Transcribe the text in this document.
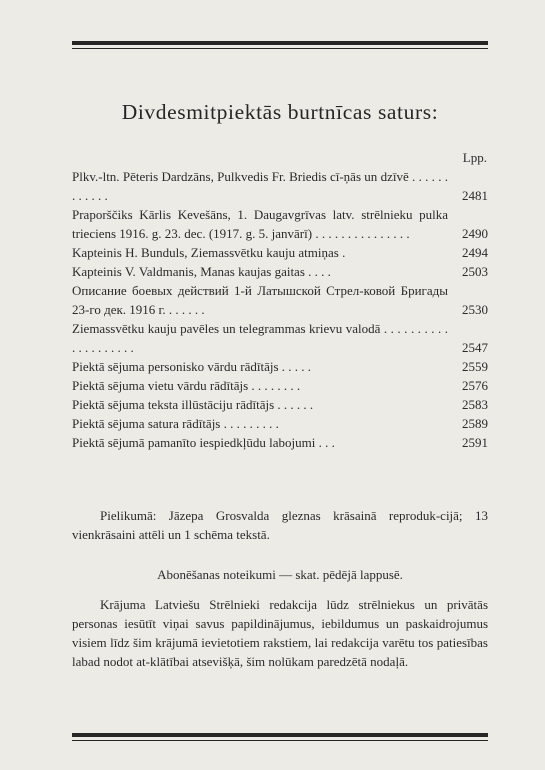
Divdesmitpiektās burtnīcas saturs:
Lpp.
Plkv.-ltn. Pēteris Dardzāns, Pulkvedis Fr. Briedis cī-ņās un dzīvē . . . . . . . . . . . .	2481
Praporščiks Kārlis Kevešāns, 1. Daugavgrīvas latv. strēlnieku pulka trieciens 1916. g. 23. dec. (1917. g. 5. janvārī) . . . . . . . . . . . . . . .	2490
Kapteinis H. Bunduls, Ziemassvētku kauju atmiņas .	2494
Kapteinis V. Valdmanis, Manas kaujas gaitas . . . .	2503
Описание боевых действий 1-й Латышской Стрел-ковой Бригады 23-го дек. 1916 г. . . . . . .	2530
Ziemassvētku kauju pavēles un telegrammas krievu valodā . . . . . . . . . . . . . . . . . . . .	2547
Piektā sējuma personisko vārdu rādītājs . . . . .	2559
Piektā sējuma vietu vārdu rādītājs . . . . . . . .	2576
Piektā sējuma teksta illūstāciju rādītājs . . . . . .	2583
Piektā sējuma satura rādītājs . . . . . . . . .	2589
Piektā sējumā pamanīto iespiedkļūdu labojumi . . .	2591

Pielikumā: Jāzepa Grosvalda gleznas krāsainā reproduk-ciјā; 13 vienkrāsaini attēli un 1 schēma tekstā.

Abonēšanas noteikumi — skat. pēdējā lappusē.

Krājuma Latviešu Strēlnieki redakcija lūdz strēlniekus un privātās personas iesūtīt viņai savus papildinājumus, iebildumus un paskaidrojumus visiem līdz šim krājumā ievietotiem rakstiem, lai redakcija varētu tos patiesības labad nodot at-klātībai atsevišķā, šim nolūkam paredzētā nodaļā.
